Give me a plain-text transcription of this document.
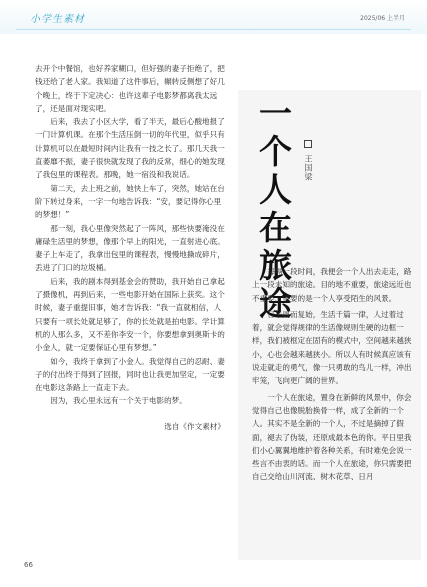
小学生素材	2025/06 上半月

去开个中餐馆，也好养家糊口，但好强的妻子拒绝了，把钱还给了老人家。我知道了这件事后，辗转反侧想了好几个晚上，终于下定决心：也许这辈子电影梦都离我太远了，还是面对现实吧。

后来，我去了小区大学，看了半天，最后心酸地报了一门计算机课。在那个生活压倒一切的年代里，似乎只有计算机可以在最短时间内让我有一技之长了。那几天我一直萎靡不振，妻子很快就发现了我的反常，细心的她发现了我包里的课程表。那晚，她一宿没和我说话。

第二天，去上班之前，她快上车了，突然，她站在台阶下转过身来，一字一句地告诉我：“安，要记得你心里的梦想！”

那一刻，我心里像突然起了一阵风，那些快要淹没在庸碌生活里的梦想，像那个早上的阳光，一直射进心底。妻子上车走了，我拿出包里的课程表，慢慢地撕成碎片，丢进了门口的垃圾桶。

后来，我的剧本得到基金会的赞助，我开始自己拿起了摄像机，再到后来，一些电影开始在国际上获奖。这个时候，妻子重提旧事，她才告诉我：“我一直就相信，人只要有一项长处就足够了，你的长处就是拍电影。学计算机的人那么多，又不差你李安一个，你要想拿到奥斯卡的小金人，就一定要保证心里有梦想。”

如今，我终于拿到了小金人。我觉得自己的忍耐、妻子的付出终于得到了回报，同时也让我更加坚定，一定要在电影这条路上一直走下去。

因为，我心里永远有一个关于电影的梦。

选自《作文素材》

一个人在旅途	王国梁

每隔一段时间，我便会一个人出去走走，路上一段未知的旅途。目的地不重要，旅途远近也不重要，重要的是一个人享受陌生的风景。

日子周而复始，生活千篇一律，人过着过着，就会觉得规律的生活像规则生硬的边框一样，我们被框定在固有的模式中，空间越来越狭小，心也会越来越狭小。所以人有时候真应该有说走就走的勇气，像一只勇敢的鸟儿一样，冲出牢笼，飞向更广阔的世界。

一个人在旅途，置身在新鲜的风景中，你会觉得自己也像脱胎换骨一样，成了全新的一个人。其实不是全新的一个人，不过是摘掉了假面，褪去了伪装，还原成最本色的你。平日里我们小心翼翼地维护着各种关系，有时难免会说一些言不由衷的话。而一个人在旅途，你只需要把自己交给山川河流、树木花草、日月

66
